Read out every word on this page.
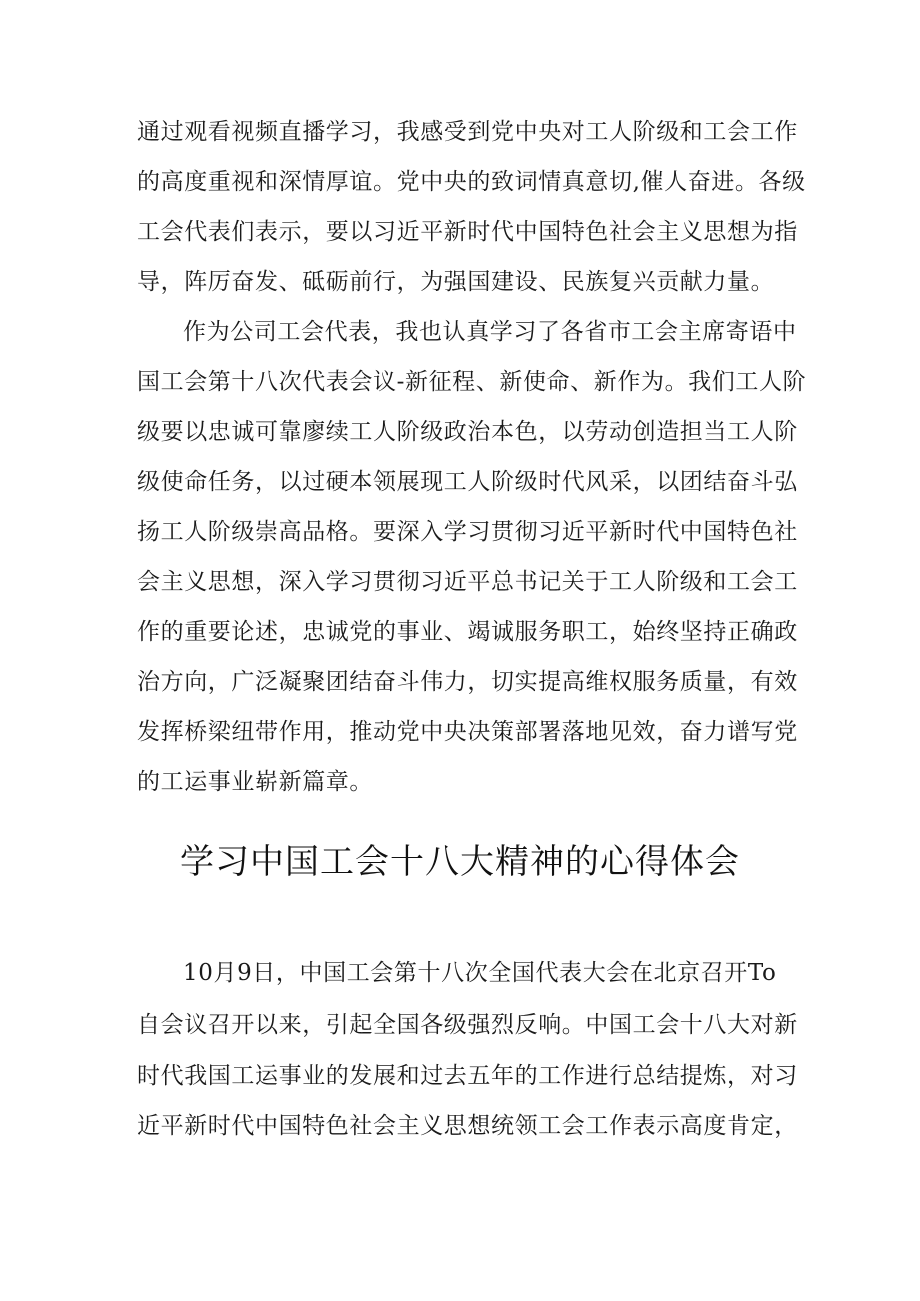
通过观看视频直播学习，我感受到党中央对工人阶级和工会工作
的高度重视和深情厚谊。党中央的致词情真意切,催人奋进。各级
工会代表们表示，要以习近平新时代中国特色社会主义思想为指
导，阵厉奋发、砥砺前行，为强国建设、民族复兴贡献力量。
作为公司工会代表，我也认真学习了各省市工会主席寄语中
国工会第十八次代表会议-新征程、新使命、新作为。我们工人阶
级要以忠诚可靠廖续工人阶级政治本色，以劳动创造担当工人阶
级使命任务，以过硬本领展现工人阶级时代风采，以团结奋斗弘
扬工人阶级崇高品格。要深入学习贯彻习近平新时代中国特色社
会主义思想，深入学习贯彻习近平总书记关于工人阶级和工会工
作的重要论述，忠诚党的事业、竭诚服务职工，始终坚持正确政
治方向，广泛凝聚团结奋斗伟力，切实提高维权服务质量，有效
发挥桥梁纽带作用，推动党中央决策部署落地见效，奋力谱写党
的工运事业崭新篇章。
学习中国工会十八大精神的心得体会
10月9日，中国工会第十八次全国代表大会在北京召开To
自会议召开以来，引起全国各级强烈反响。中国工会十八大对新
时代我国工运事业的发展和过去五年的工作进行总结提炼，对习
近平新时代中国特色社会主义思想统领工会工作表示高度肯定，
